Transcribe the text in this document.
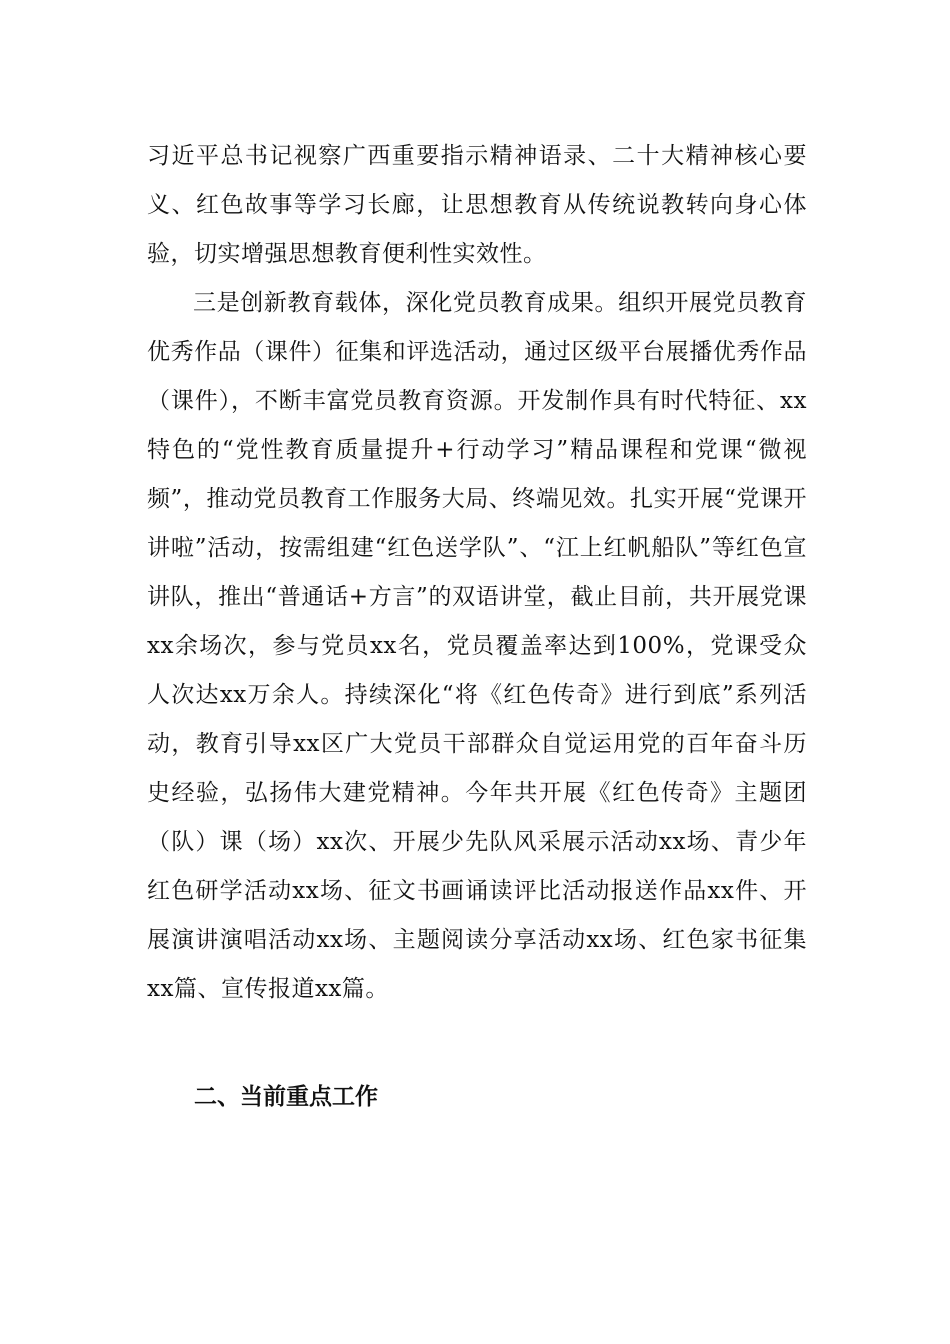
习近平总书记视察广西重要指示精神语录、二十大精神核心要义、红色故事等学习长廊，让思想教育从传统说教转向身心体验，切实增强思想教育便利性实效性。

三是创新教育载体，深化党员教育成果。组织开展党员教育优秀作品（课件）征集和评选活动，通过区级平台展播优秀作品（课件），不断丰富党员教育资源。开发制作具有时代特征、xx特色的“党性教育质量提升+行动学习”精品课程和党课“微视频”，推动党员教育工作服务大局、终端见效。扎实开展“党课开讲啦”活动，按需组建“红色送学队”、“江上红帆船队”等红色宣讲队，推出“普通话+方言”的双语讲堂，截止目前，共开展党课xx余场次，参与党员xx名，党员覆盖率达到100%，党课受众人次达xx万余人。持续深化“将《红色传奇》进行到底”系列活动，教育引导xx区广大党员干部群众自觉运用党的百年奋斗历史经验，弘扬伟大建党精神。今年共开展《红色传奇》主题团（队）课（场）xx次、开展少先队风采展示活动xx场、青少年红色研学活动xx场、征文书画诵读评比活动报送作品xx件、开展演讲演唱活动xx场、主题阅读分享活动xx场、红色家书征集xx篇、宣传报道xx篇。

二、当前重点工作
